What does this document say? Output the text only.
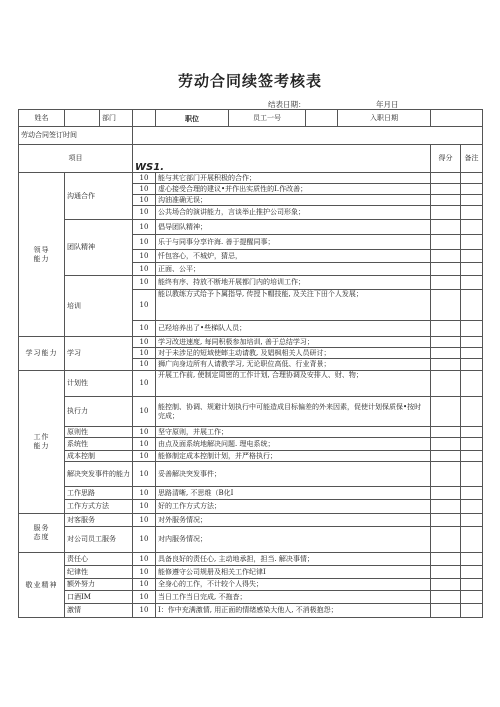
劳动合同续签考核表
结表日期：	年月日
姓名		部门		职位	员工一号		入职日期		
劳动合同签订时间									
项目			WS1.					得分	备注
领导
能力	沟通合作		10	能与其它部门开展积极的合作；					
			10	虚心接受合理的建议•并作出实质性的I.作改善；					
			10	沟油准确无误；					
			10	公共场合的演讲能力，言谈举止推护公司形象；					
	团队精神		10	倡导团队精神；					
			10	乐于与同事分享许海. 善于提醒同事；					
			10	忏包容心，不城炉，猜忌，					
			10	正面、公平；					
	培训		10	能终有序、持放不断地开展都门内的培训工作；					
			10	能以教练方式给予卜属指导, 传授卜帽技能, 及关注下田个人发展；					
			10	己羟培养出了•些梯队人员；					
学习能力	学习		10	学习改进速度, 每同积极参加培训, 善于总结学习；					
			10	对于未涉足的短域使蟀主动请教, 及娼枫相关人员研讨；					
			10	狮广向身边所有人请教学习, 无论职位高低、行业背景；					
工作
能力	计划性		10	开展工作前, 使制定周密的工作计划, 合理协调及安排人、财、物；					
	执行力		10	能控制、协调、规避计划执行中可能造成目标偏差的外来因素，促使计划保质保•按时完成；					
	原则性		10	坚守原则，并展工作；					
	系统性		10	由点及面系统地解决问题. 理电系统；					
	成本控制		10	能修制定成本控制计划，并严格执行；					
	解决突发事件的能力		10	妥善解决突发事件；					
	工作思路		10	思路清晰, 不思维（B化I					
	工作方式方法		10	好的工作方式方法；					
服务
态度	对客服务		10	对外服务情况；					
	对公司员工服务		10	对内服务情况；					
敬业精神	责任心		10	具备良好的责任心, 主动地承担，担当. 解决事情；					
	纪律性		10	能修遵守公司规册及相关工作纪律I					
	额外努力		10	全身心的工作，不计较个人得失；					
	口酒IM		10	当日工作当日完成, 不拖杳；					
	激情		10	I：作中充满激情, 用正面的情绪感染大他人, 不消极抱怨；					
